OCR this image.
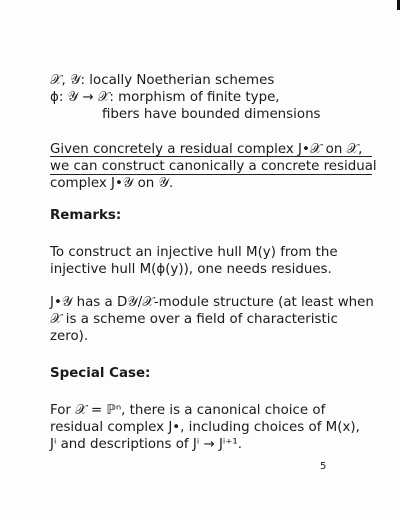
𝒳, 𝒴: locally Noetherian schemes
ϕ: 𝒴 → 𝒳: morphism of finite type,
fibers have bounded dimensions
Given concretely a residual complex J•𝒳 on 𝒳,
we can construct canonically a concrete residual
complex J•𝒴 on 𝒴.
Remarks:
To construct an injective hull M(y) from the
injective hull M(ϕ(y)), one needs residues.
J•𝒴 has a D𝒴/𝒳-module structure (at least when
𝒳 is a scheme over a field of characteristic
zero).
Special Case:
For 𝒳 = ℙⁿ, there is a canonical choice of
residual complex J•, including choices of M(x),
Jⁱ and descriptions of Jⁱ → Jⁱ⁺¹.
5
